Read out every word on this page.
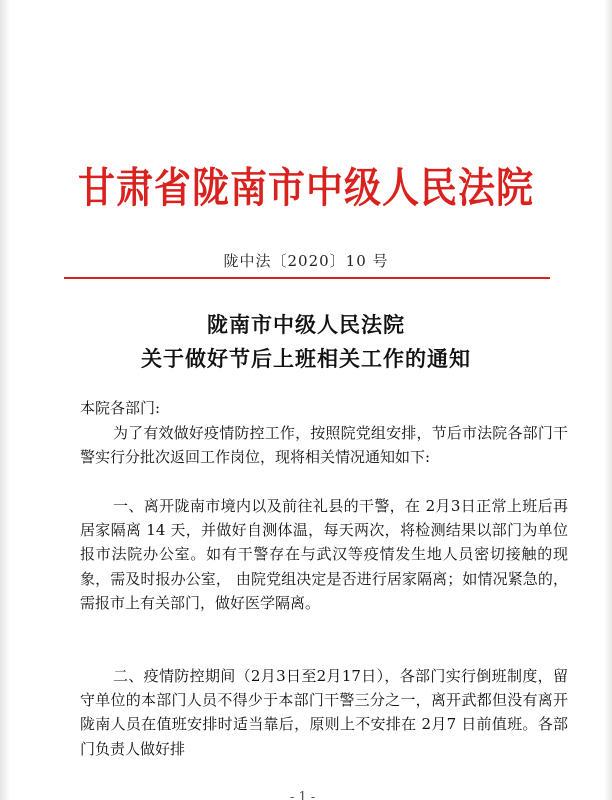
甘肃省陇南市中级人民法院
陇中法〔2020〕10 号
陇南市中级人民法院
关于做好节后上班相关工作的通知
本院各部门:

为了有效做好疫情防控工作，按照院党组安排，节后市法院各部门干警实行分批次返回工作岗位，现将相关情况通知如下:

一、离开陇南市境内以及前往礼县的干警，在 2月3日正常上班后再居家隔离 14 天，并做好自测体温，每天两次，将检测结果以部门为单位报市法院办公室。如有干警存在与武汉等疫情发生地人员密切接触的现象，需及时报办公室， 由院党组决定是否进行居家隔离；如情况紧急的，需报市上有关部门，做好医学隔离。

二、疫情防控期间（2月3日至2月17日），各部门实行倒班制度，留守单位的本部门人员不得少于本部门干警三分之一，离开武都但没有离开陇南人员在值班安排时适当靠后，原则上不安排在 2月7 日前值班。各部门负责人做好排

- 1 -
